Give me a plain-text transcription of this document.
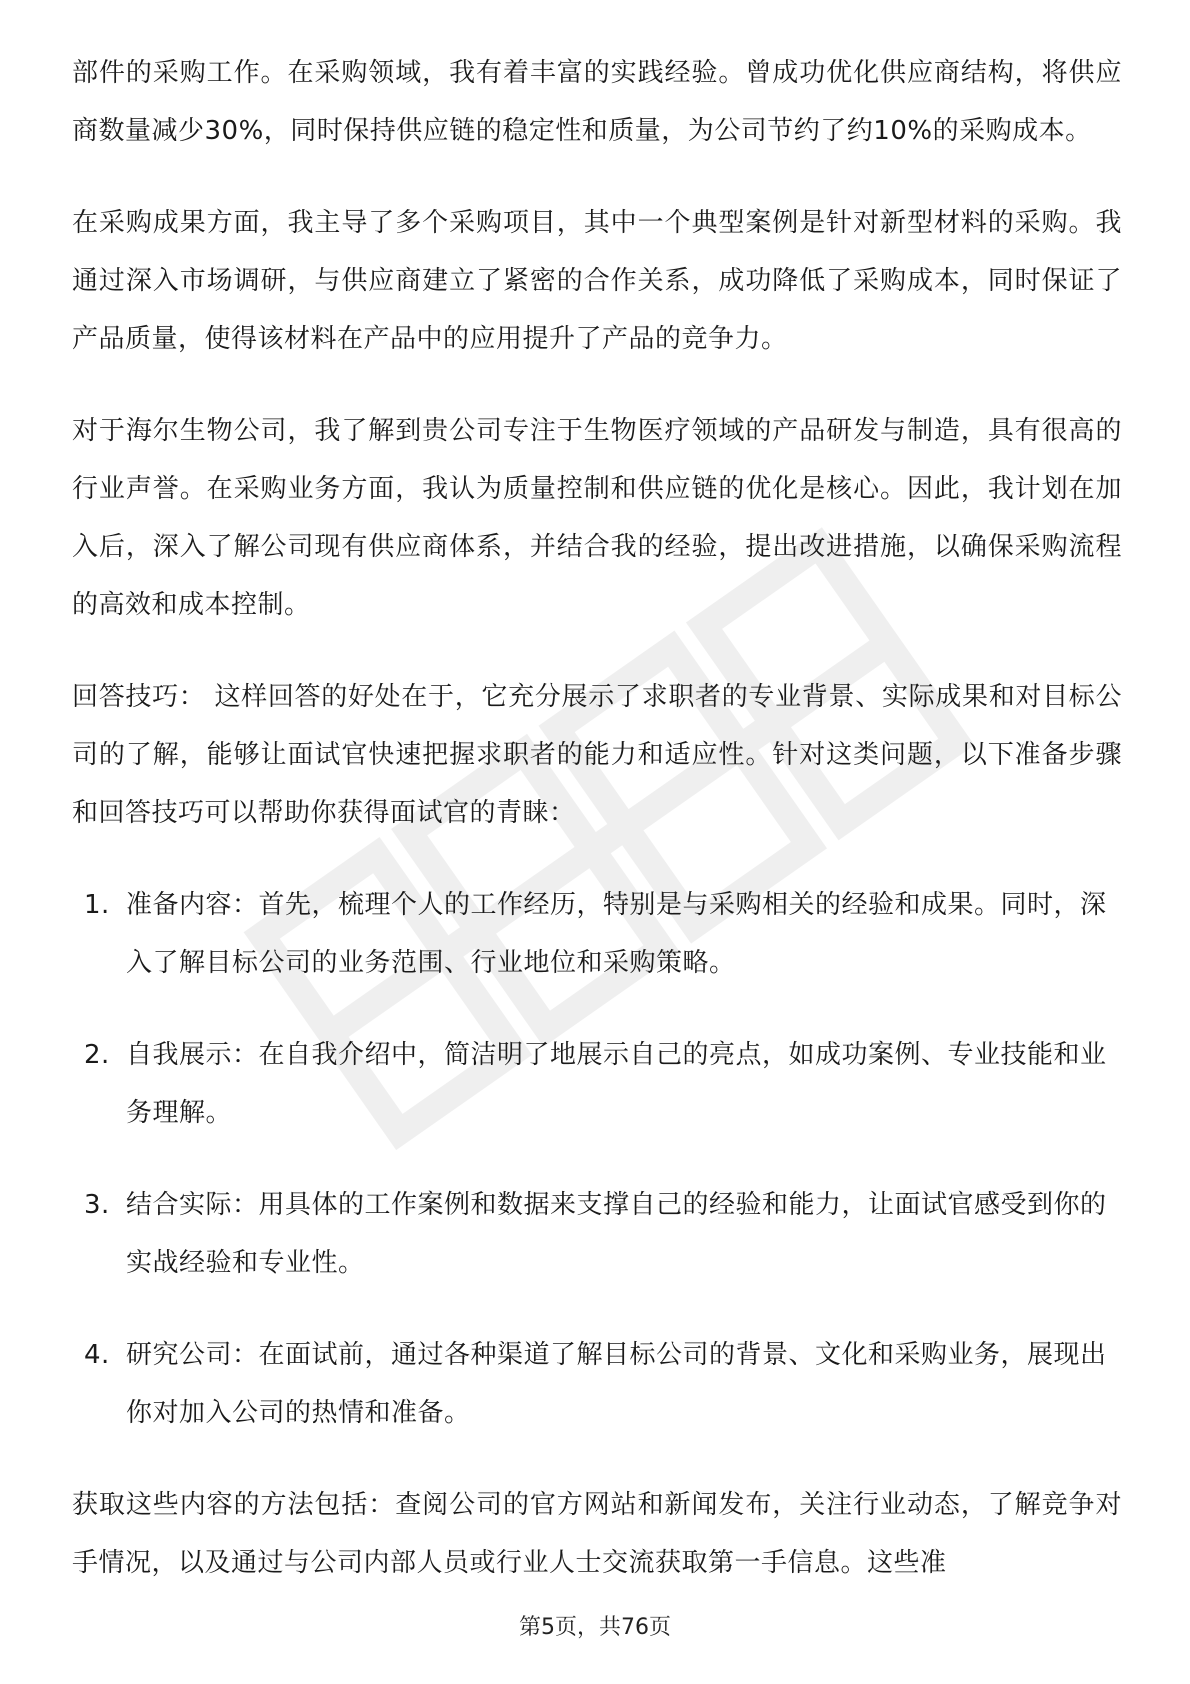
部件的采购工作。在采购领域，我有着丰富的实践经验。曾成功优化供应商结构，将供应商数量减少30%，同时保持供应链的稳定性和质量，为公司节约了约10%的采购成本。

在采购成果方面，我主导了多个采购项目，其中一个典型案例是针对新型材料的采购。我通过深入市场调研，与供应商建立了紧密的合作关系，成功降低了采购成本，同时保证了产品质量，使得该材料在产品中的应用提升了产品的竞争力。

对于海尔生物公司，我了解到贵公司专注于生物医疗领域的产品研发与制造，具有很高的行业声誉。在采购业务方面，我认为质量控制和供应链的优化是核心。因此，我计划在加入后，深入了解公司现有供应商体系，并结合我的经验，提出改进措施，以确保采购流程的高效和成本控制。

回答技巧： 这样回答的好处在于，它充分展示了求职者的专业背景、实际成果和对目标公司的了解，能够让面试官快速把握求职者的能力和适应性。针对这类问题，以下准备步骤和回答技巧可以帮助你获得面试官的青睐：

1. 准备内容：首先，梳理个人的工作经历，特别是与采购相关的经验和成果。同时，深入了解目标公司的业务范围、行业地位和采购策略。
2. 自我展示：在自我介绍中，简洁明了地展示自己的亮点，如成功案例、专业技能和业务理解。
3. 结合实际：用具体的工作案例和数据来支撑自己的经验和能力，让面试官感受到你的实战经验和专业性。
4. 研究公司：在面试前，通过各种渠道了解目标公司的背景、文化和采购业务，展现出你对加入公司的热情和准备。

获取这些内容的方法包括：查阅公司的官方网站和新闻发布，关注行业动态，了解竞争对手情况，以及通过与公司内部人员或行业人士交流获取第一手信息。这些准

第5页，共76页
